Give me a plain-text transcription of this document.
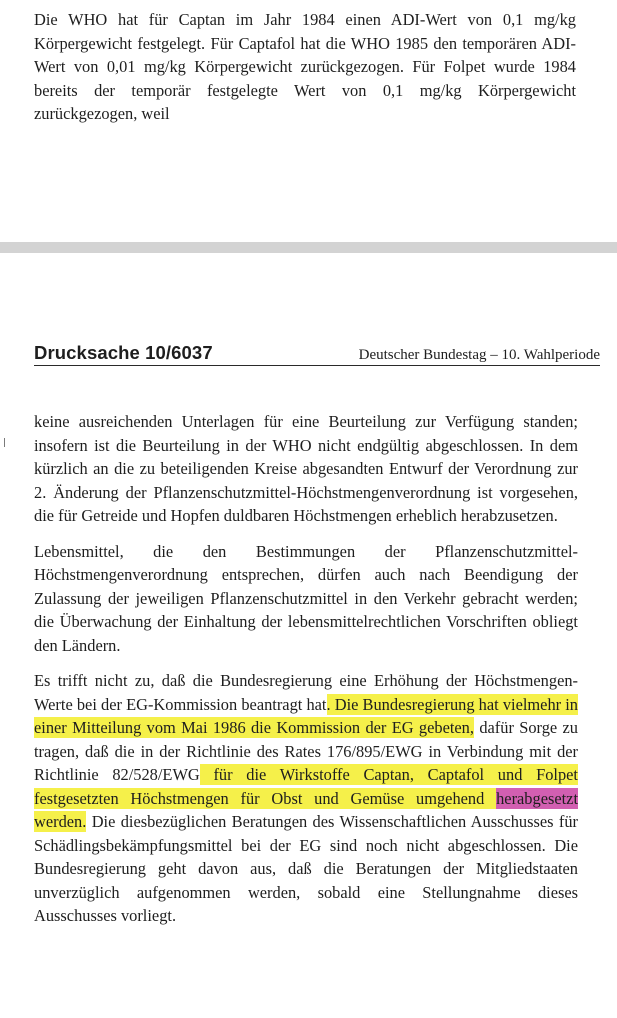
Die WHO hat für Captan im Jahr 1984 einen ADI-Wert von 0,1 mg/kg Körpergewicht festgelegt. Für Captafol hat die WHO 1985 den temporären ADI-Wert von 0,01 mg/kg Körpergewicht zurückgezogen. Für Folpet wurde 1984 bereits der temporär festgelegte Wert von 0,1 mg/kg Körpergewicht zurückgezogen, weil

Drucksache 10/6037	Deutscher Bundestag – 10. Wahlperiode

keine ausreichenden Unterlagen für eine Beurteilung zur Verfügung standen; insofern ist die Beurteilung in der WHO nicht endgültig abgeschlossen. In dem kürzlich an die zu beteiligenden Kreise abgesandten Entwurf der Verordnung zur 2. Änderung der Pflanzenschutzmittel-Höchstmengenverordnung ist vorgesehen, die für Getreide und Hopfen duldbaren Höchstmengen erheblich herabzusetzen.

Lebensmittel, die den Bestimmungen der Pflanzenschutzmittel-Höchstmengenverordnung entsprechen, dürfen auch nach Beendigung der Zulassung der jeweiligen Pflanzenschutzmittel in den Verkehr gebracht werden; die Überwachung der Einhaltung der lebensmittelrechtlichen Vorschriften obliegt den Ländern.

Es trifft nicht zu, daß die Bundesregierung eine Erhöhung der Höchstmengen-Werte bei der EG-Kommission beantragt hat. Die Bundesregierung hat vielmehr in einer Mitteilung vom Mai 1986 die Kommission der EG gebeten, dafür Sorge zu tragen, daß die in der Richtlinie des Rates 176/895/EWG in Verbindung mit der Richtlinie 82/528/EWG für die Wirkstoffe Captan, Captafol und Folpet festgesetzten Höchstmengen für Obst und Gemüse umgehend herabgesetzt werden. Die diesbezüglichen Beratungen des Wissenschaftlichen Ausschusses für Schädlingsbekämpfungsmittel bei der EG sind noch nicht abgeschlossen. Die Bundesregierung geht davon aus, daß die Beratungen der Mitgliedstaaten unverzüglich aufgenommen werden, sobald eine Stellungnahme dieses Ausschusses vorliegt.
